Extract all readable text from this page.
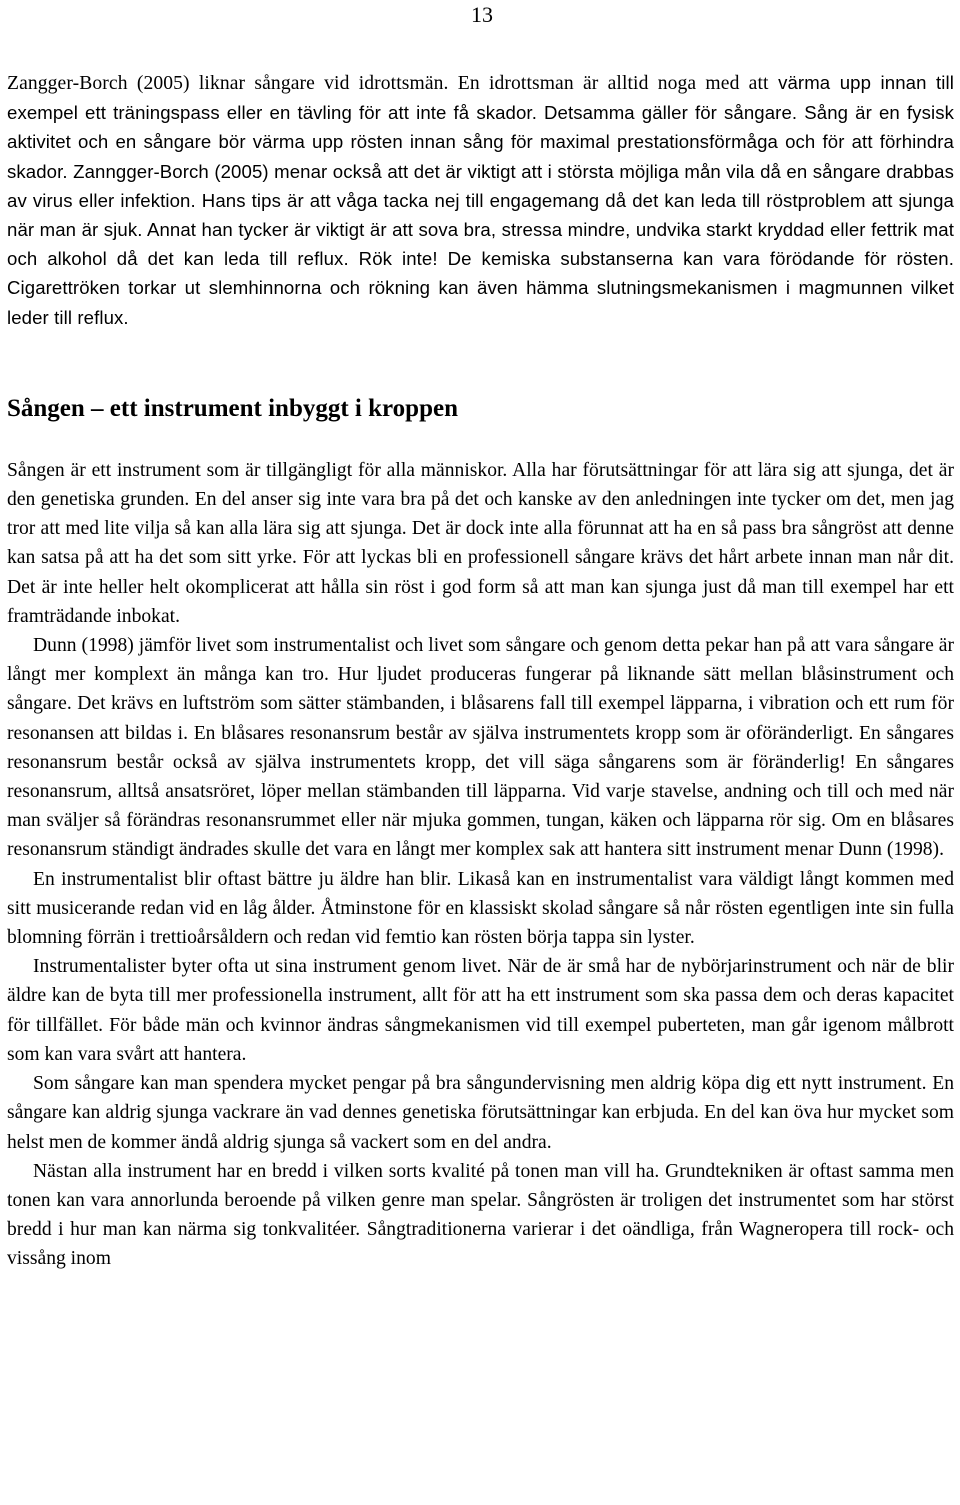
13

Zangger-Borch (2005) liknar sångare vid idrottsmän. En idrottsman är alltid noga med att värma upp innan till exempel ett träningspass eller en tävling för att inte få skador. Detsamma gäller för sångare. Sång är en fysisk aktivitet och en sångare bör värma upp rösten innan sång för maximal prestationsförmåga och för att förhindra skador. Zanngger-Borch (2005) menar också att det är viktigt att i största möjliga mån vila då en sångare drabbas av virus eller infektion. Hans tips är att våga tacka nej till engagemang då det kan leda till röstproblem att sjunga när man är sjuk. Annat han tycker är viktigt är att sova bra, stressa mindre, undvika starkt kryddad eller fettrik mat och alkohol då det kan leda till reflux. Rök inte! De kemiska substanserna kan vara förödande för rösten. Cigarettröken torkar ut slemhinnorna och rökning kan även hämma slutningsmekanismen i magmunnen vilket leder till reflux.

Sången – ett instrument inbyggt i kroppen

Sången är ett instrument som är tillgängligt för alla människor. Alla har förutsättningar för att lära sig att sjunga, det är den genetiska grunden. En del anser sig inte vara bra på det och kanske av den anledningen inte tycker om det, men jag tror att med lite vilja så kan alla lära sig att sjunga. Det är dock inte alla förunnat att ha en så pass bra sångröst att denne kan satsa på att ha det som sitt yrke. För att lyckas bli en professionell sångare krävs det hårt arbete innan man når dit. Det är inte heller helt okomplicerat att hålla sin röst i god form så att man kan sjunga just då man till exempel har ett framträdande inbokat.

Dunn (1998) jämför livet som instrumentalist och livet som sångare och genom detta pekar han på att vara sångare är långt mer komplext än många kan tro. Hur ljudet produceras fungerar på liknande sätt mellan blåsinstrument och sångare. Det krävs en luftström som sätter stämbanden, i blåsarens fall till exempel läpparna, i vibration och ett rum för resonansen att bildas i. En blåsares resonansrum består av själva instrumentets kropp som är oföränderligt. En sångares resonansrum består också av själva instrumentets kropp, det vill säga sångarens som är föränderlig! En sångares resonansrum, alltså ansatsröret, löper mellan stämbanden till läpparna. Vid varje stavelse, andning och till och med när man sväljer så förändras resonansrummet eller när mjuka gommen, tungan, käken och läpparna rör sig. Om en blåsares resonansrum ständigt ändrades skulle det vara en långt mer komplex sak att hantera sitt instrument menar Dunn (1998).

En instrumentalist blir oftast bättre ju äldre han blir. Likaså kan en instrumentalist vara väldigt långt kommen med sitt musicerande redan vid en låg ålder. Åtminstone för en klassiskt skolad sångare så når rösten egentligen inte sin fulla blomning förrän i trettioårsåldern och redan vid femtio kan rösten börja tappa sin lyster.

Instrumentalister byter ofta ut sina instrument genom livet. När de är små har de nybörjarinstrument och när de blir äldre kan de byta till mer professionella instrument, allt för att ha ett instrument som ska passa dem och deras kapacitet för tillfället. För både män och kvinnor ändras sångmekanismen vid till exempel puberteten, man går igenom målbrott som kan vara svårt att hantera.

Som sångare kan man spendera mycket pengar på bra sångundervisning men aldrig köpa dig ett nytt instrument. En sångare kan aldrig sjunga vackrare än vad dennes genetiska förutsättningar kan erbjuda. En del kan öva hur mycket som helst men de kommer ändå aldrig sjunga så vackert som en del andra.

Nästan alla instrument har en bredd i vilken sorts kvalité på tonen man vill ha. Grundtekniken är oftast samma men tonen kan vara annorlunda beroende på vilken genre man spelar. Sångrösten är troligen det instrumentet som har störst bredd i hur man kan närma sig tonkvalitéer. Sångtraditionerna varierar i det oändliga, från Wagneropera till rock- och vissång inom
